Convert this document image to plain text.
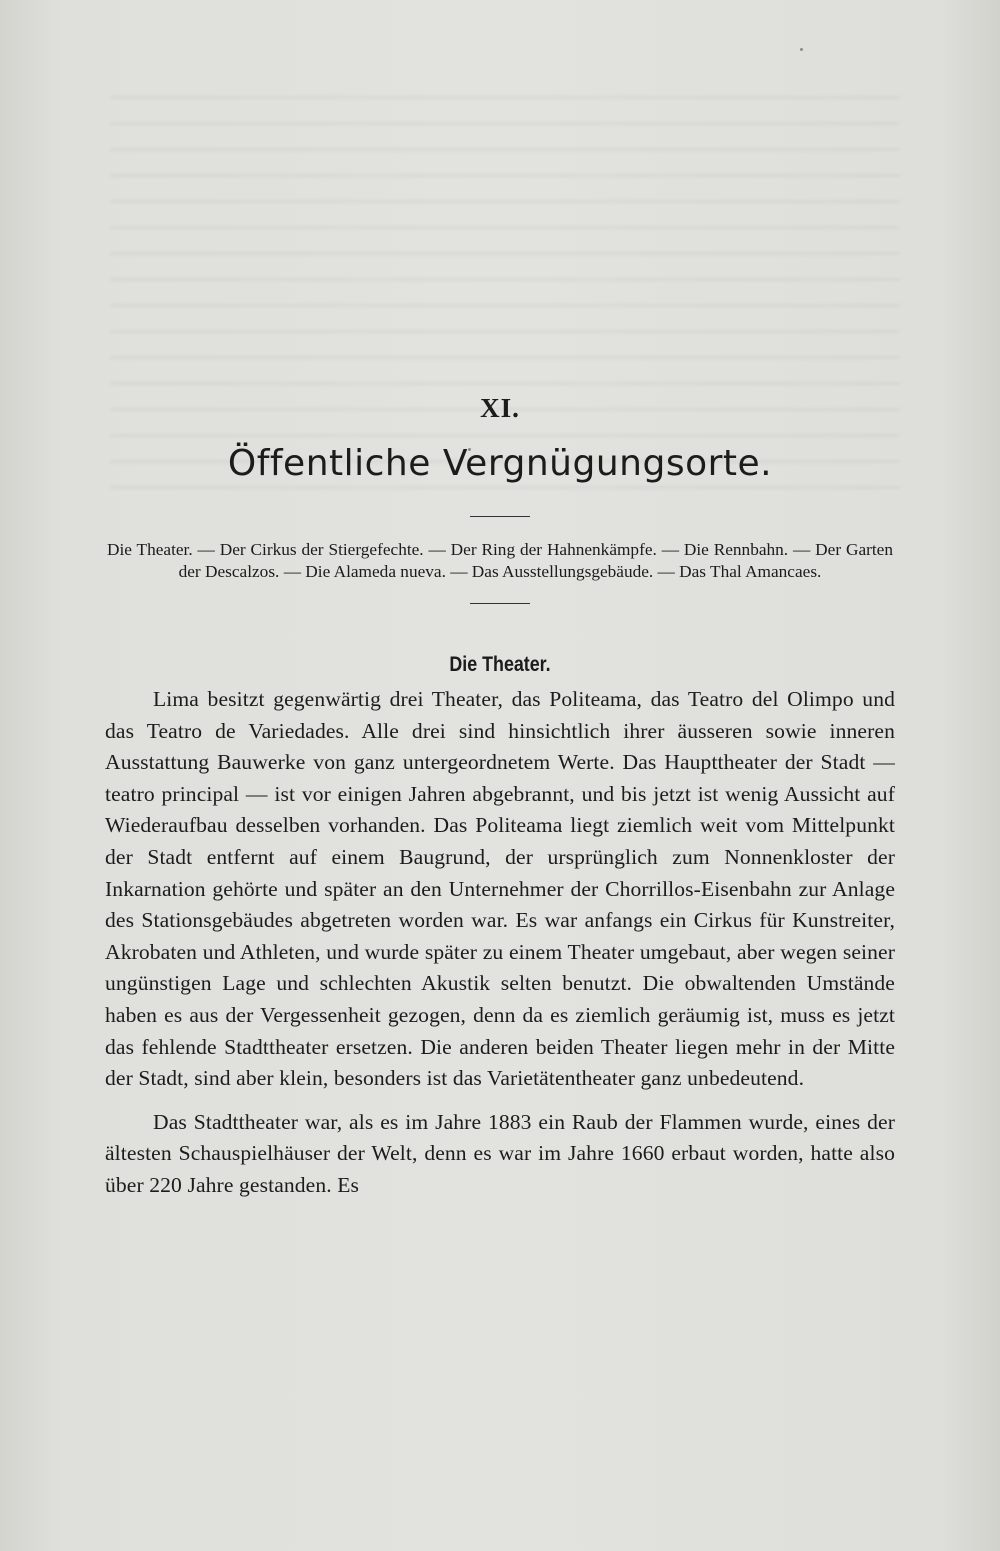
XI.
Öffentliche Vergnügungsorte.

Die Theater. — Der Cirkus der Stiergefechte. — Der Ring der Hahnenkämpfe. — Die Rennbahn. — Der Garten der Descalzos. — Die Alameda nueva. — Das Ausstellungsgebäude. — Das Thal Amancaes.

Die Theater.

Lima besitzt gegenwärtig drei Theater, das Politeama, das Teatro del Olimpo und das Teatro de Variedades. Alle drei sind hinsichtlich ihrer äusseren sowie inneren Ausstattung Bauwerke von ganz untergeordnetem Werte. Das Haupttheater der Stadt — teatro principal — ist vor einigen Jahren abgebrannt, und bis jetzt ist wenig Aussicht auf Wiederaufbau desselben vorhanden. Das Politeama liegt ziemlich weit vom Mittelpunkt der Stadt entfernt auf einem Baugrund, der ursprünglich zum Nonnenkloster der Inkarnation gehörte und später an den Unternehmer der Chorrillos-Eisenbahn zur Anlage des Stationsgebäudes abgetreten worden war. Es war anfangs ein Cirkus für Kunstreiter, Akrobaten und Athleten, und wurde später zu einem Theater umgebaut, aber wegen seiner ungünstigen Lage und schlechten Akustik selten benutzt. Die obwaltenden Umstände haben es aus der Vergessenheit gezogen, denn da es ziemlich geräumig ist, muss es jetzt das fehlende Stadttheater ersetzen. Die anderen beiden Theater liegen mehr in der Mitte der Stadt, sind aber klein, besonders ist das Varietätentheater ganz unbedeutend.

Das Stadttheater war, als es im Jahre 1883 ein Raub der Flammen wurde, eines der ältesten Schauspielhäuser der Welt, denn es war im Jahre 1660 erbaut worden, hatte also über 220 Jahre gestanden. Es
